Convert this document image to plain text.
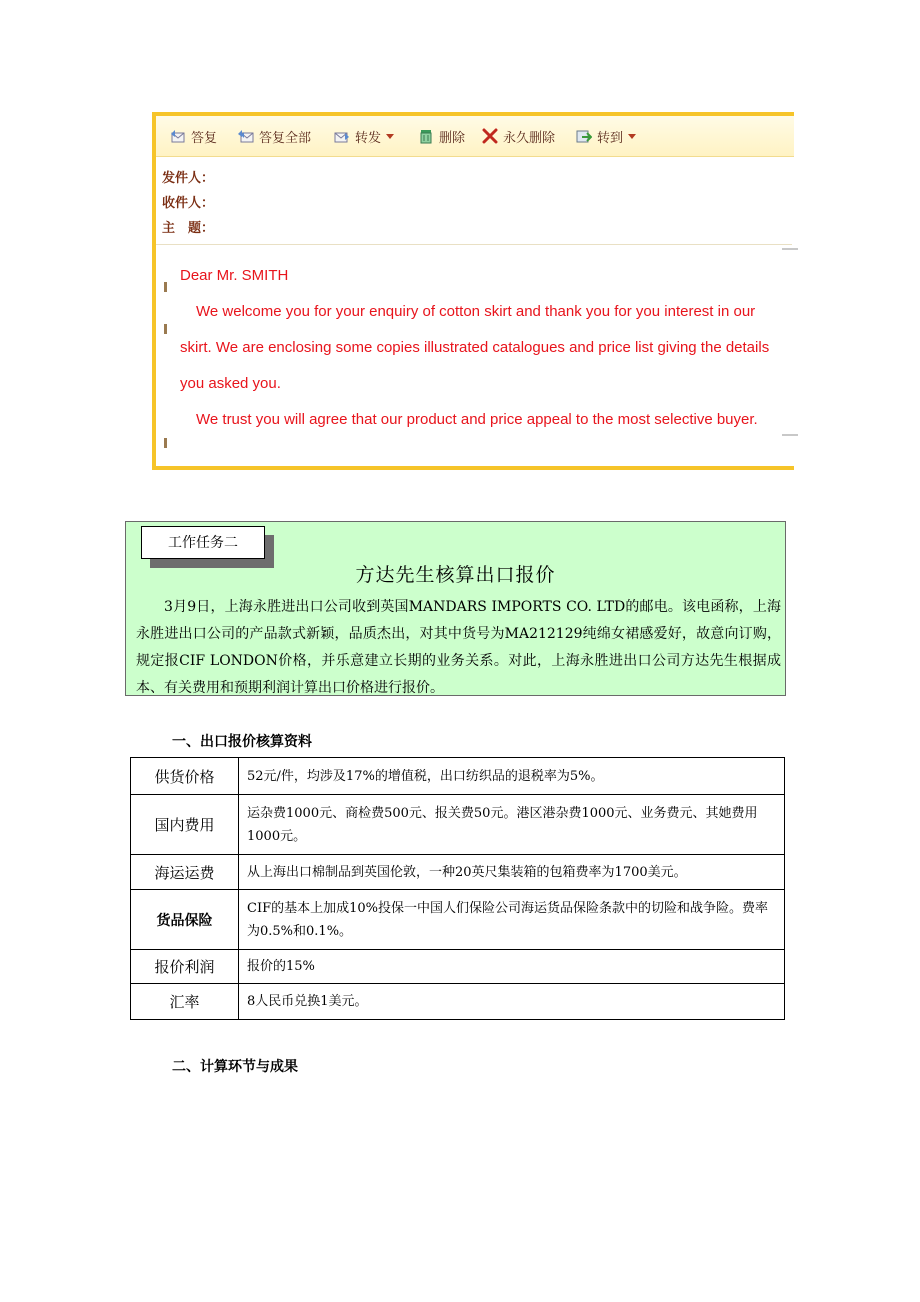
答复	答复全部	转发	删除	永久删除	转到
发件人：
收件人：
主　题：

Dear Mr. SMITH

We welcome you for your enquiry of cotton skirt and thank you for you interest in our skirt. We are enclosing some copies illustrated catalogues and price list giving the details you asked you.

We trust you will agree that our product and price appeal to the most selective buyer.

工作任务二
方达先生核算出口报价

3月9日，上海永胜进出口公司收到英国MANDARS IMPORTS CO. LTD的邮电。该电函称，上海永胜进出口公司的产品款式新颖，品质杰出，对其中货号为MA212129纯绵女裙感爱好，故意向订购，规定报CIF LONDON价格，并乐意建立长期的业务关系。对此，上海永胜进出口公司方达先生根据成本、有关费用和预期利润计算出口价格进行报价。

一、出口报价核算资料
供货价格	52元/件，均涉及17%的增值税，出口纺织品的退税率为5%。
国内费用	运杂费1000元、商检费500元、报关费50元。港区港杂费1000元、业务费元、其她费用1000元。
海运运费	从上海出口棉制品到英国伦敦，一种20英尺集装箱的包箱费率为1700美元。
货品保险	CIF的基本上加成10%投保一中国人们保险公司海运货品保险条款中的切险和战争险。费率为0.5%和0.1%。
报价利润	报价的15%
汇率	8人民币兑换1美元。
二、计算环节与成果
